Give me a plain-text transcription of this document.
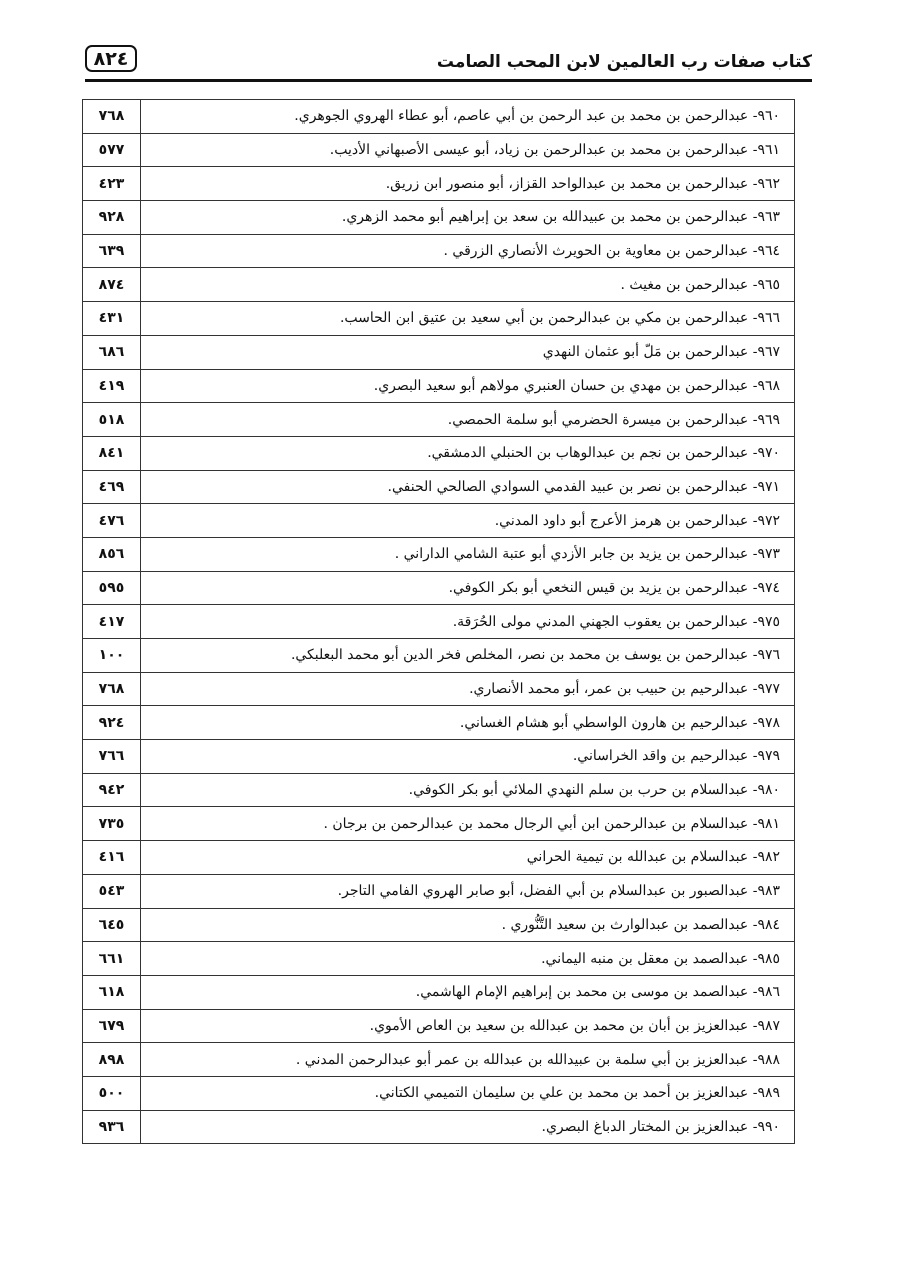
كتاب صفات رب العالمين لابن المحب الصامت
٨٢٤
٧٦٨	٩٦٠- عبدالرحمن بن محمد بن عبد الرحمن بن أبي عاصم، أبو عطاء الهروي الجوهري.
٥٧٧	٩٦١- عبدالرحمن بن محمد بن عبدالرحمن بن زياد، أبو عيسى الأصبهاني الأديب.
٤٢٣	٩٦٢- عبدالرحمن بن محمد بن عبدالواحد القزاز، أبو منصور ابن زريق.
٩٢٨	٩٦٣- عبدالرحمن بن محمد بن عبيدالله بن سعد بن إبراهيم أبو محمد الزهري.
٦٣٩	٩٦٤- عبدالرحمن بن معاوية بن الحويرث الأنصاري الزرقي .
٨٧٤	٩٦٥- عبدالرحمن بن مغيث .
٤٣١	٩٦٦- عبدالرحمن بن مكي بن عبدالرحمن بن أبي سعيد بن عتيق ابن الحاسب.
٦٨٦	٩٦٧- عبدالرحمن بن مَلّ أبو عثمان النهدي
٤١٩	٩٦٨- عبدالرحمن بن مهدي بن حسان العنبري مولاهم أبو سعيد البصري.
٥١٨	٩٦٩- عبدالرحمن بن ميسرة الحضرمي أبو سلمة الحمصي.
٨٤١	٩٧٠- عبدالرحمن بن نجم بن عبدالوهاب بن الحنبلي الدمشقي.
٤٦٩	٩٧١- عبدالرحمن بن نصر بن عبيد الفدمي السوادي الصالحي الحنفي.
٤٧٦	٩٧٢- عبدالرحمن بن هرمز الأعرج أبو داود المدني.
٨٥٦	٩٧٣- عبدالرحمن بن يزيد بن جابر الأزدي أبو عتبة الشامي الداراني .
٥٩٥	٩٧٤- عبدالرحمن بن يزيد بن قيس النخعي أبو بكر الكوفي.
٤١٧	٩٧٥- عبدالرحمن بن يعقوب الجهني المدني مولى الحُرَقة.
١٠٠	٩٧٦- عبدالرحمن بن يوسف بن محمد بن نصر، المخلص فخر الدين أبو محمد البعلبكي.
٧٦٨	٩٧٧- عبدالرحيم بن حبيب بن عمر، أبو محمد الأنصاري.
٩٢٤	٩٧٨- عبدالرحيم بن هارون الواسطي أبو هشام الغساني.
٧٦٦	٩٧٩- عبدالرحيم بن واقد الخراساني.
٩٤٢	٩٨٠- عبدالسلام بن حرب بن سلم النهدي الملائي أبو بكر الكوفي.
٧٣٥	٩٨١- عبدالسلام بن عبدالرحمن ابن أبي الرجال محمد بن عبدالرحمن بن برجان .
٤١٦	٩٨٢- عبدالسلام بن عبدالله بن تيمية الحراني
٥٤٣	٩٨٣- عبدالصبور بن عبدالسلام بن أبي الفضل، أبو صابر الهروي الفامي التاجر.
٦٤٥	٩٨٤- عبدالصمد بن عبدالوارث بن سعيد التَّنُّوري .
٦٦١	٩٨٥- عبدالصمد بن معقل بن منبه اليماني.
٦١٨	٩٨٦- عبدالصمد بن موسى بن محمد بن إبراهيم الإمام الهاشمي.
٦٧٩	٩٨٧- عبدالعزيز بن أبان بن محمد بن عبدالله بن سعيد بن العاص الأموي.
٨٩٨	٩٨٨- عبدالعزيز بن أبي سلمة بن عبيدالله بن عبدالله بن عمر أبو عبدالرحمن المدني .
٥٠٠	٩٨٩- عبدالعزيز بن أحمد بن محمد بن علي بن سليمان التميمي الكتاني.
٩٣٦	٩٩٠- عبدالعزيز بن المختار الدباغ البصري.
